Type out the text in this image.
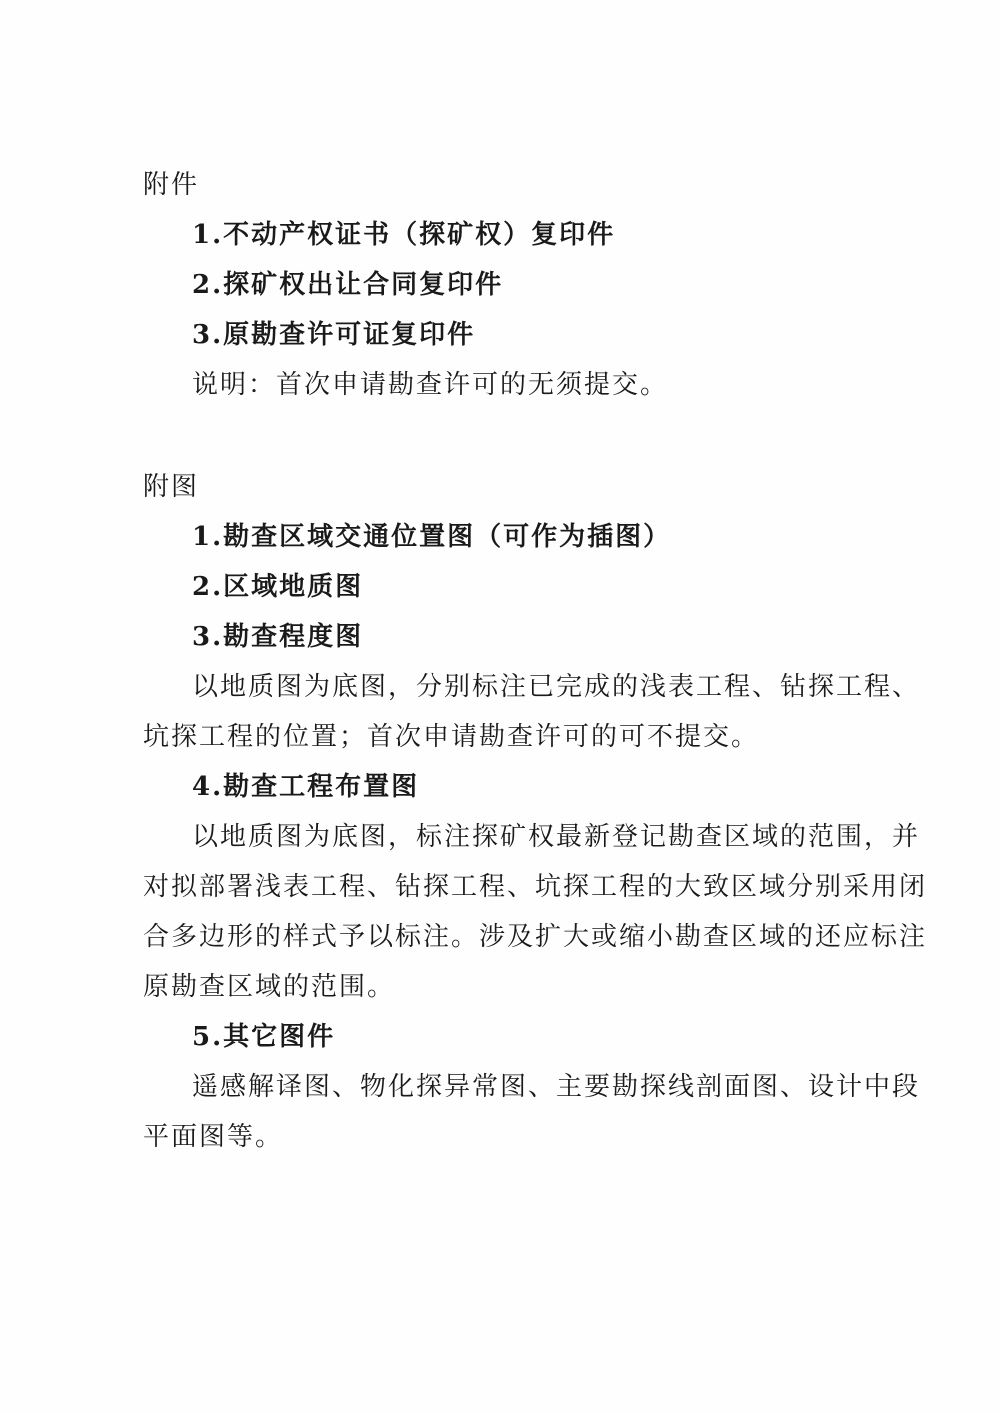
附件
1.不动产权证书（探矿权）复印件
2.探矿权出让合同复印件
3.原勘查许可证复印件
说明：首次申请勘查许可的无须提交。
附图
1.勘查区域交通位置图（可作为插图）
2.区域地质图
3.勘查程度图
以地质图为底图，分别标注已完成的浅表工程、钻探工程、
坑探工程的位置；首次申请勘查许可的可不提交。
4.勘查工程布置图
以地质图为底图，标注探矿权最新登记勘查区域的范围，并
对拟部署浅表工程、钻探工程、坑探工程的大致区域分别采用闭
合多边形的样式予以标注。涉及扩大或缩小勘查区域的还应标注
原勘查区域的范围。
5.其它图件
遥感解译图、物化探异常图、主要勘探线剖面图、设计中段
平面图等。
